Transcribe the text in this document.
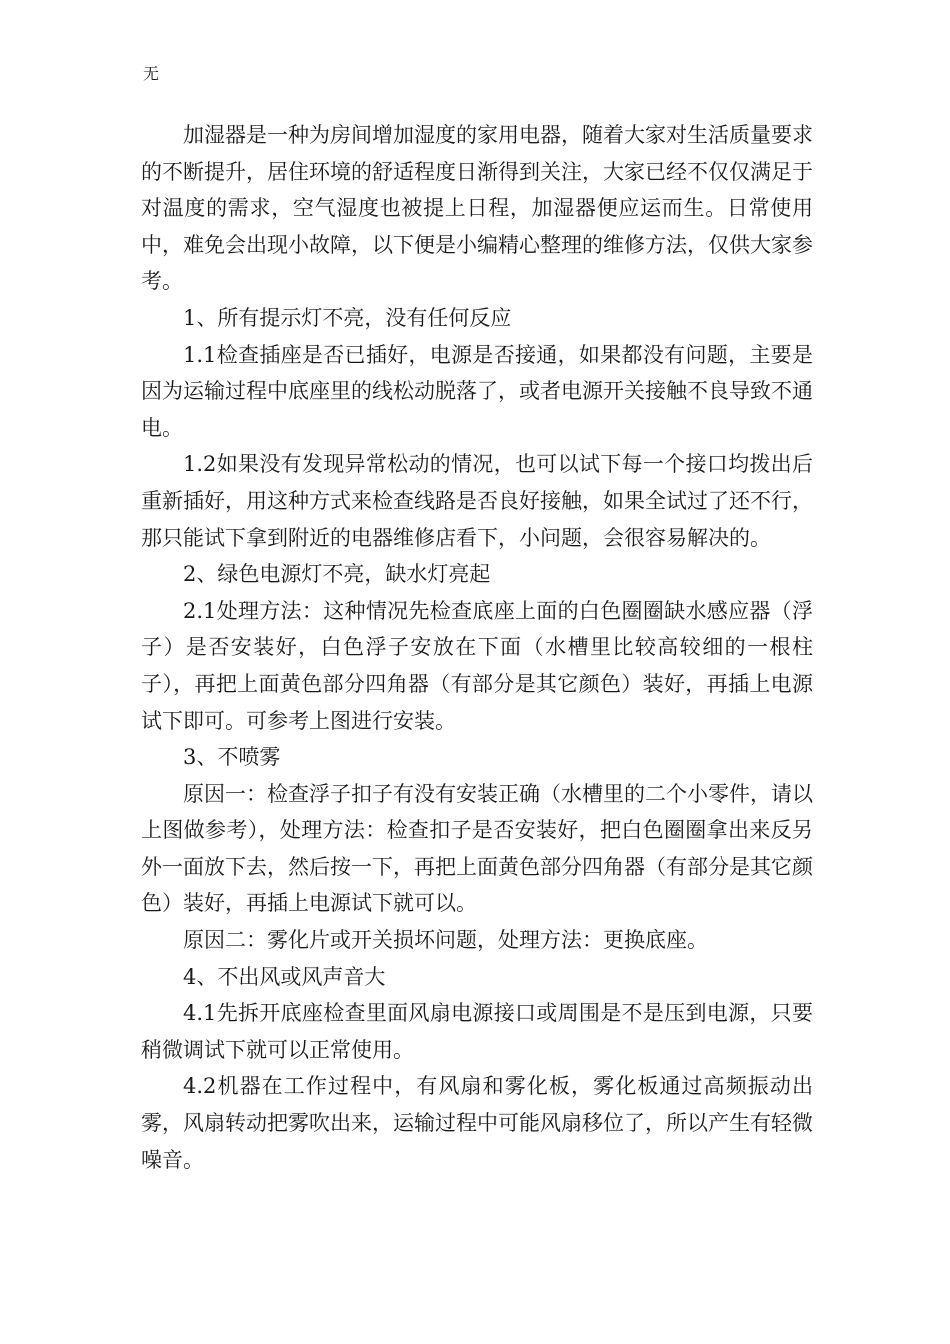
无

加湿器是一种为房间增加湿度的家用电器，随着大家对生活质量要求的不断提升，居住环境的舒适程度日渐得到关注，大家已经不仅仅满足于对温度的需求，空气湿度也被提上日程，加湿器便应运而生。日常使用中，难免会出现小故障，以下便是小编精心整理的维修方法，仅供大家参考。

1、所有提示灯不亮，没有任何反应

1.1检查插座是否已插好，电源是否接通，如果都没有问题，主要是因为运输过程中底座里的线松动脱落了，或者电源开关接触不良导致不通电。

1.2如果没有发现异常松动的情况，也可以试下每一个接口均拨出后重新插好，用这种方式来检查线路是否良好接触，如果全试过了还不行，那只能试下拿到附近的电器维修店看下，小问题，会很容易解决的。

2、绿色电源灯不亮，缺水灯亮起

2.1处理方法：这种情况先检查底座上面的白色圈圈缺水感应器（浮子）是否安装好，白色浮子安放在下面（水槽里比较高较细的一根柱子），再把上面黄色部分四角器（有部分是其它颜色）装好，再插上电源试下即可。可参考上图进行安装。

3、不喷雾

原因一：检查浮子扣子有没有安装正确（水槽里的二个小零件，请以上图做参考），处理方法：检查扣子是否安装好，把白色圈圈拿出来反另外一面放下去，然后按一下，再把上面黄色部分四角器（有部分是其它颜色）装好，再插上电源试下就可以。

原因二：雾化片或开关损坏问题，处理方法：更换底座。

4、不出风或风声音大

4.1先拆开底座检查里面风扇电源接口或周围是不是压到电源，只要稍微调试下就可以正常使用。

4.2机器在工作过程中，有风扇和雾化板，雾化板通过高频振动出雾，风扇转动把雾吹出来，运输过程中可能风扇移位了，所以产生有轻微噪音。
